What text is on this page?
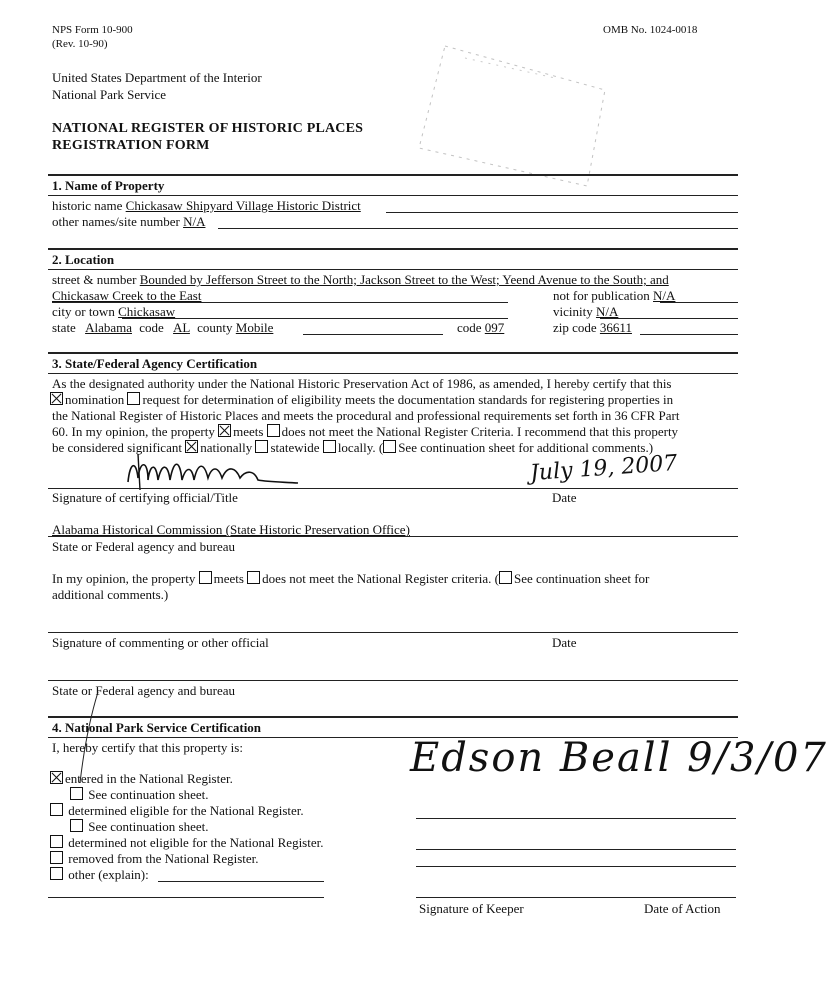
NPS Form 10-900
(Rev. 10-90)
OMB No. 1024-0018
United States Department of the Interior
National Park Service
NATIONAL REGISTER OF HISTORIC PLACES
REGISTRATION FORM
1. Name of Property
historic name Chickasaw Shipyard Village Historic District
other names/site number N/A
2. Location
street & number Bounded by Jefferson Street to the North; Jackson Street to the West; Yeend Avenue to the South; and
Chickasaw Creek to the East	not for publication N/A
city or town Chickasaw	vicinity N/A
state Alabama code AL county Mobile	code 097	zip code 36611
3. State/Federal Agency Certification
As the designated authority under the National Historic Preservation Act of 1986, as amended, I hereby certify that this
nomination request for determination of eligibility meets the documentation standards for registering properties in
the National Register of Historic Places and meets the procedural and professional requirements set forth in 36 CFR Part
60. In my opinion, the property meets does not meet the National Register Criteria. I recommend that this property
be considered significant nationally statewide locally. ( See continuation sheet for additional comments.)
Signature of certifying official/Title	Date
July 19, 2007
Alabama Historical Commission (State Historic Preservation Office)
State or Federal agency and bureau
In my opinion, the property meets does not meet the National Register criteria. ( See continuation sheet for
additional comments.)
Signature of commenting or other official	Date
State or Federal agency and bureau
4. National Park Service Certification
I, hereby certify that this property is:
entered in the National Register.
See continuation sheet.
determined eligible for the National Register.
See continuation sheet.
determined not eligible for the National Register.
removed from the National Register.
other (explain):
Edson Beall 9/3/07
Signature of Keeper	Date of Action
